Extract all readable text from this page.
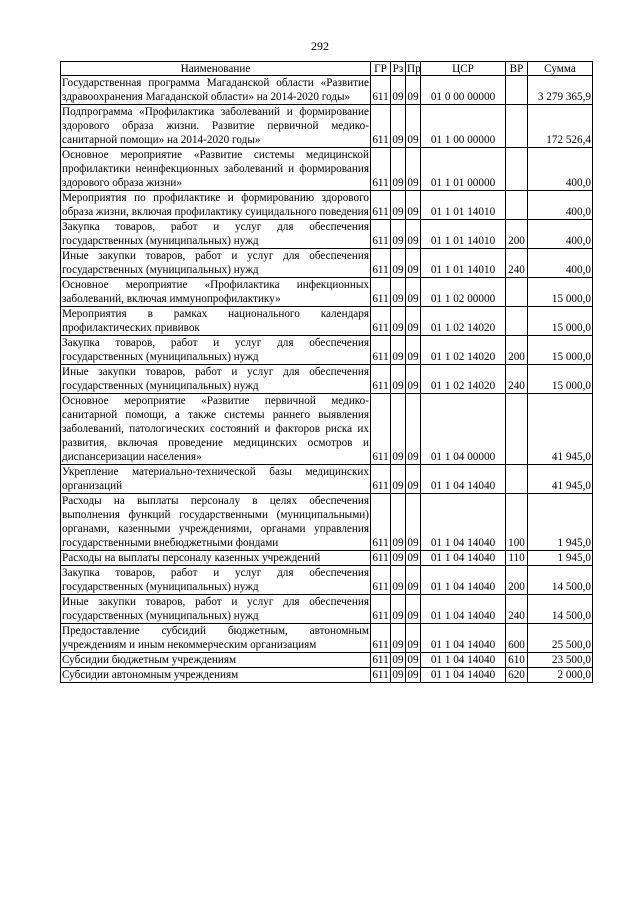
292
Наименование	ГР	Рз	Пр	ЦСР	ВР	Сумма
Государственная программа Магаданской области «Развитие здравоохранения Магаданской области» на 2014-2020 годы»	611	09	09	01 0 00 00000		3 279 365,9
Подпрограмма «Профилактика заболеваний и формирование здорового образа жизни. Развитие первичной медико-санитарной помощи» на 2014-2020 годы»	611	09	09	01 1 00 00000		172 526,4
Основное мероприятие «Развитие системы медицинской профилактики неинфекционных заболеваний и формирования здорового образа жизни»	611	09	09	01 1 01 00000		400,0
Мероприятия по профилактике и формированию здорового образа жизни, включая профилактику суицидального поведения	611	09	09	01 1 01 14010		400,0
Закупка товаров, работ и услуг для обеспечения государственных (муниципальных) нужд	611	09	09	01 1 01 14010	200	400,0
Иные закупки товаров, работ и услуг для обеспечения государственных (муниципальных) нужд	611	09	09	01 1 01 14010	240	400,0
Основное мероприятие «Профилактика инфекционных заболеваний, включая иммунопрофилактику»	611	09	09	01 1 02 00000		15 000,0
Мероприятия в рамках национального календаря профилактических прививок	611	09	09	01 1 02 14020		15 000,0
Закупка товаров, работ и услуг для обеспечения государственных (муниципальных) нужд	611	09	09	01 1 02 14020	200	15 000,0
Иные закупки товаров, работ и услуг для обеспечения государственных (муниципальных) нужд	611	09	09	01 1 02 14020	240	15 000,0
Основное мероприятие «Развитие первичной медико-санитарной помощи, а также системы раннего выявления заболеваний, патологических состояний и факторов риска их развития, включая проведение медицинских осмотров и диспансеризации населения»	611	09	09	01 1 04 00000		41 945,0
Укрепление материально-технической базы медицинских организаций	611	09	09	01 1 04 14040		41 945,0
Расходы на выплаты персоналу в целях обеспечения выполнения функций государственными (муниципальными) органами, казенными учреждениями, органами управления государственными внебюджетными фондами	611	09	09	01 1 04 14040	100	1 945,0
Расходы на выплаты персоналу казенных учреждений	611	09	09	01 1 04 14040	110	1 945,0
Закупка товаров, работ и услуг для обеспечения государственных (муниципальных) нужд	611	09	09	01 1 04 14040	200	14 500,0
Иные закупки товаров, работ и услуг для обеспечения государственных (муниципальных) нужд	611	09	09	01 1 04 14040	240	14 500,0
Предоставление субсидий бюджетным, автономным учреждениям и иным некоммерческим организациям	611	09	09	01 1 04 14040	600	25 500,0
Субсидии бюджетным учреждениям	611	09	09	01 1 04 14040	610	23 500,0
Субсидии автономным учреждениям	611	09	09	01 1 04 14040	620	2 000,0
